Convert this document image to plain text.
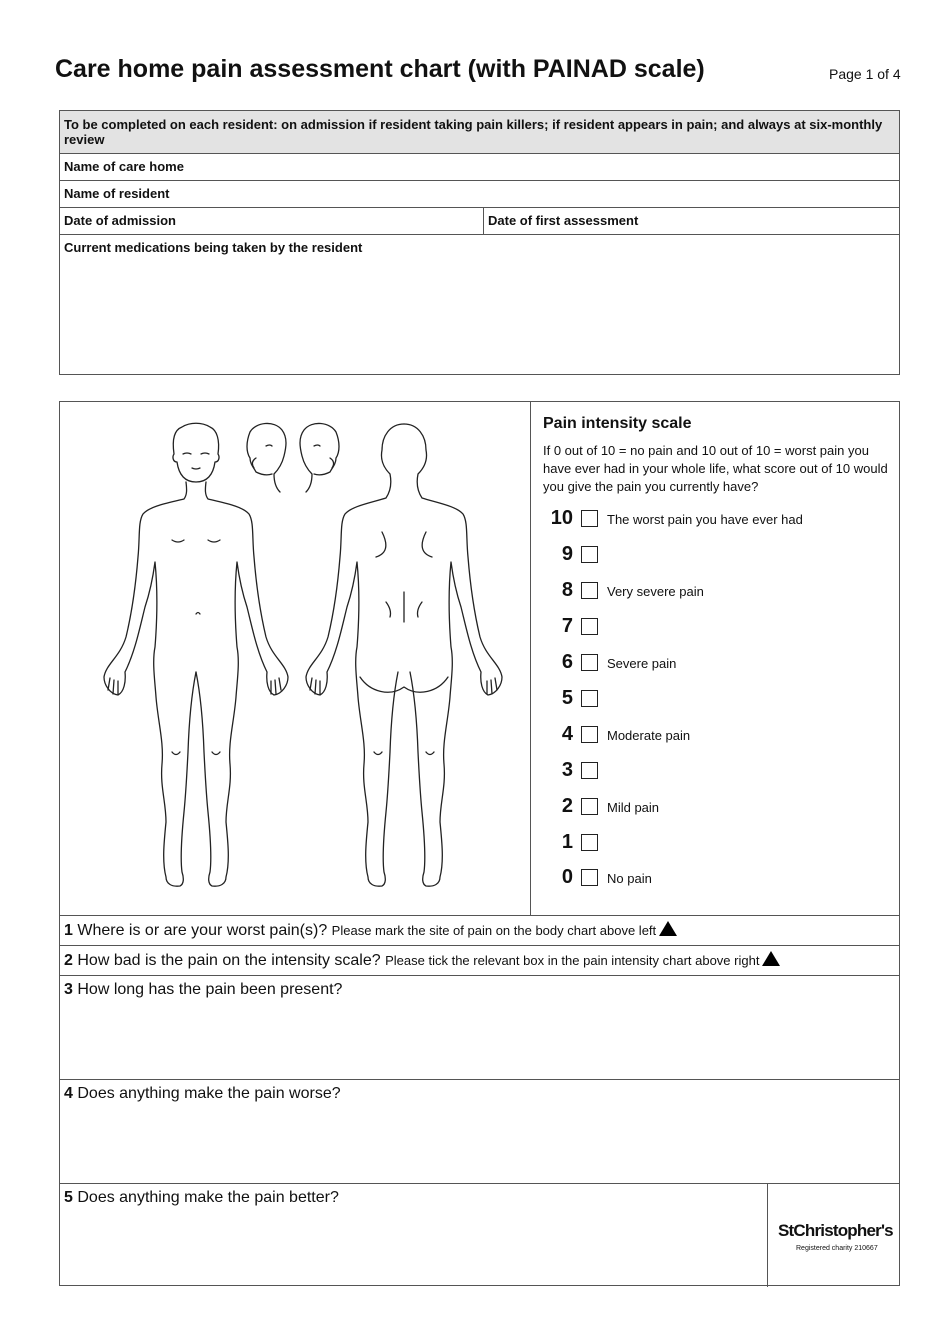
Care home pain assessment chart (with PAINAD scale)	Page 1 of 4
To be completed on each resident: on admission if resident taking pain killers; if resident appears in pain; and always at six-monthly review
Name of care home
Name of resident
Date of admission	Date of first assessment
Current medications being taken by the resident
Pain intensity scale
If 0 out of 10 = no pain and 10 out of 10 = worst pain you have ever had in your whole life, what score out of 10 would you give the pain you currently have?
10	The worst pain you have ever had
9
8	Very severe pain
7
6	Severe pain
5
4	Moderate pain
3
2	Mild pain
1
0	No pain
1 Where is or are your worst pain(s)? Please mark the site of pain on the body chart above left
2 How bad is the pain on the intensity scale? Please tick the relevant box in the pain intensity chart above right
3 How long has the pain been present?
4 Does anything make the pain worse?
5 Does anything make the pain better?
StChristopher's
Registered charity 210667
